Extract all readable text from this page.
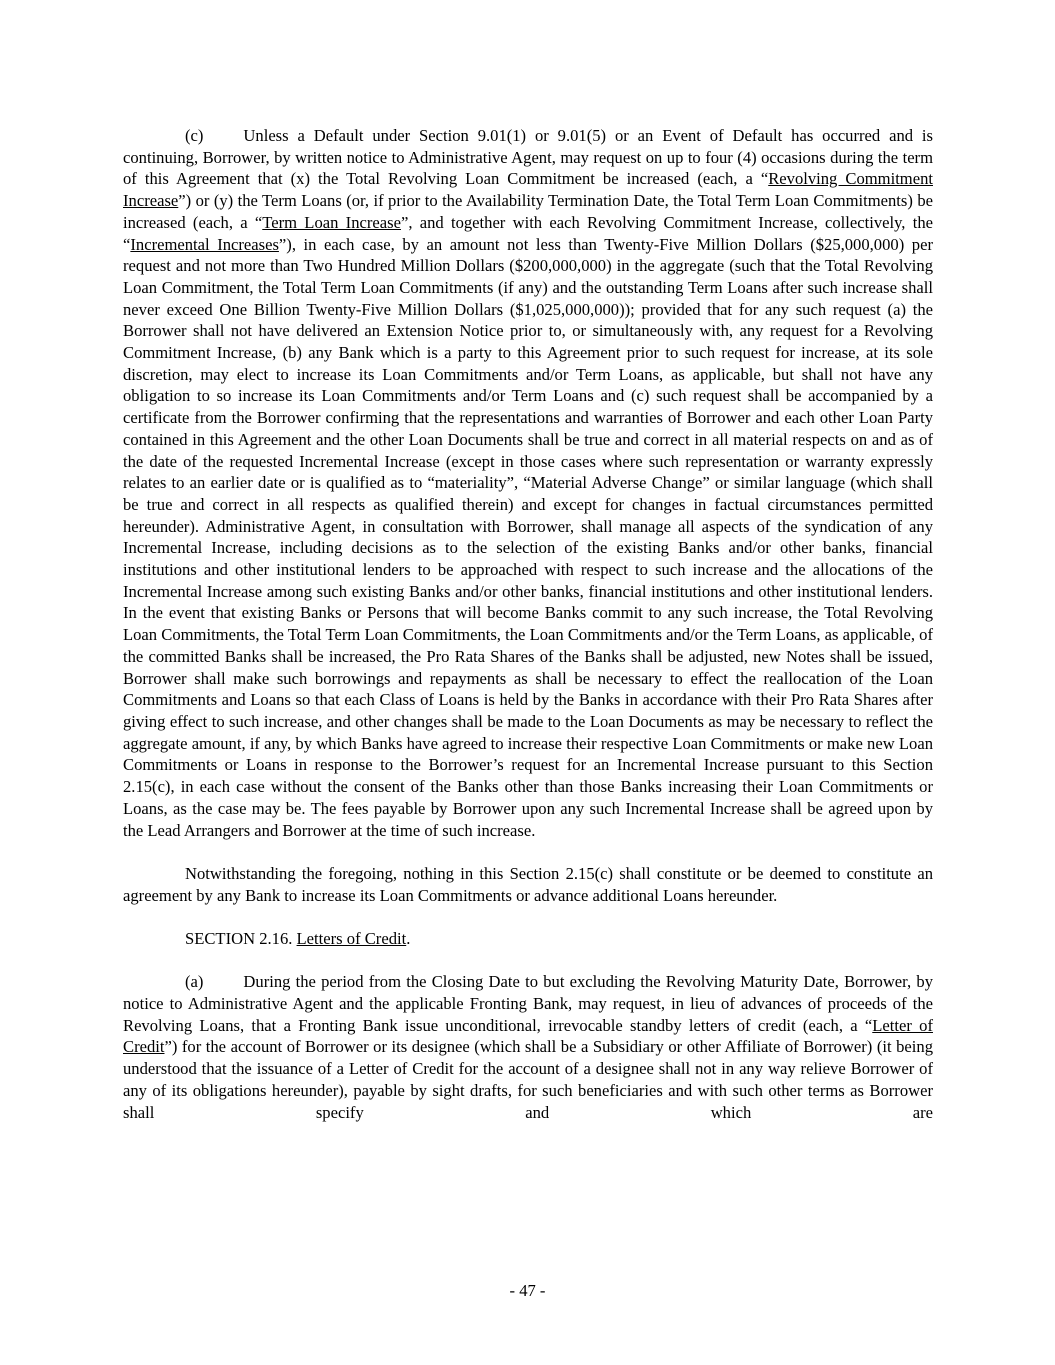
(c) Unless a Default under Section 9.01(1) or 9.01(5) or an Event of Default has occurred and is continuing, Borrower, by written notice to Administrative Agent, may request on up to four (4) occasions during the term of this Agreement that (x) the Total Revolving Loan Commitment be increased (each, a “Revolving Commitment Increase”) or (y) the Term Loans (or, if prior to the Availability Termination Date, the Total Term Loan Commitments) be increased (each, a “Term Loan Increase”, and together with each Revolving Commitment Increase, collectively, the “Incremental Increases”), in each case, by an amount not less than Twenty-Five Million Dollars ($25,000,000) per request and not more than Two Hundred Million Dollars ($200,000,000) in the aggregate (such that the Total Revolving Loan Commitment, the Total Term Loan Commitments (if any) and the outstanding Term Loans after such increase shall never exceed One Billion Twenty-Five Million Dollars ($1,025,000,000)); provided that for any such request (a) the Borrower shall not have delivered an Extension Notice prior to, or simultaneously with, any request for a Revolving Commitment Increase, (b) any Bank which is a party to this Agreement prior to such request for increase, at its sole discretion, may elect to increase its Loan Commitments and/or Term Loans, as applicable, but shall not have any obligation to so increase its Loan Commitments and/or Term Loans and (c) such request shall be accompanied by a certificate from the Borrower confirming that the representations and warranties of Borrower and each other Loan Party contained in this Agreement and the other Loan Documents shall be true and correct in all material respects on and as of the date of the requested Incremental Increase (except in those cases where such representation or warranty expressly relates to an earlier date or is qualified as to “materiality”, “Material Adverse Change” or similar language (which shall be true and correct in all respects as qualified therein) and except for changes in factual circumstances permitted hereunder). Administrative Agent, in consultation with Borrower, shall manage all aspects of the syndication of any Incremental Increase, including decisions as to the selection of the existing Banks and/or other banks, financial institutions and other institutional lenders to be approached with respect to such increase and the allocations of the Incremental Increase among such existing Banks and/or other banks, financial institutions and other institutional lenders. In the event that existing Banks or Persons that will become Banks commit to any such increase, the Total Revolving Loan Commitments, the Total Term Loan Commitments, the Loan Commitments and/or the Term Loans, as applicable, of the committed Banks shall be increased, the Pro Rata Shares of the Banks shall be adjusted, new Notes shall be issued, Borrower shall make such borrowings and repayments as shall be necessary to effect the reallocation of the Loan Commitments and Loans so that each Class of Loans is held by the Banks in accordance with their Pro Rata Shares after giving effect to such increase, and other changes shall be made to the Loan Documents as may be necessary to reflect the aggregate amount, if any, by which Banks have agreed to increase their respective Loan Commitments or make new Loan Commitments or Loans in response to the Borrower’s request for an Incremental Increase pursuant to this Section 2.15(c), in each case without the consent of the Banks other than those Banks increasing their Loan Commitments or Loans, as the case may be. The fees payable by Borrower upon any such Incremental Increase shall be agreed upon by the Lead Arrangers and Borrower at the time of such increase.

Notwithstanding the foregoing, nothing in this Section 2.15(c) shall constitute or be deemed to constitute an agreement by any Bank to increase its Loan Commitments or advance additional Loans hereunder.

SECTION 2.16. Letters of Credit.

(a) During the period from the Closing Date to but excluding the Revolving Maturity Date, Borrower, by notice to Administrative Agent and the applicable Fronting Bank, may request, in lieu of advances of proceeds of the Revolving Loans, that a Fronting Bank issue unconditional, irrevocable standby letters of credit (each, a “Letter of Credit”) for the account of Borrower or its designee (which shall be a Subsidiary or other Affiliate of Borrower) (it being understood that the issuance of a Letter of Credit for the account of a designee shall not in any way relieve Borrower of any of its obligations hereunder), payable by sight drafts, for such beneficiaries and with such other terms as Borrower shall specify and which are

- 47 -
